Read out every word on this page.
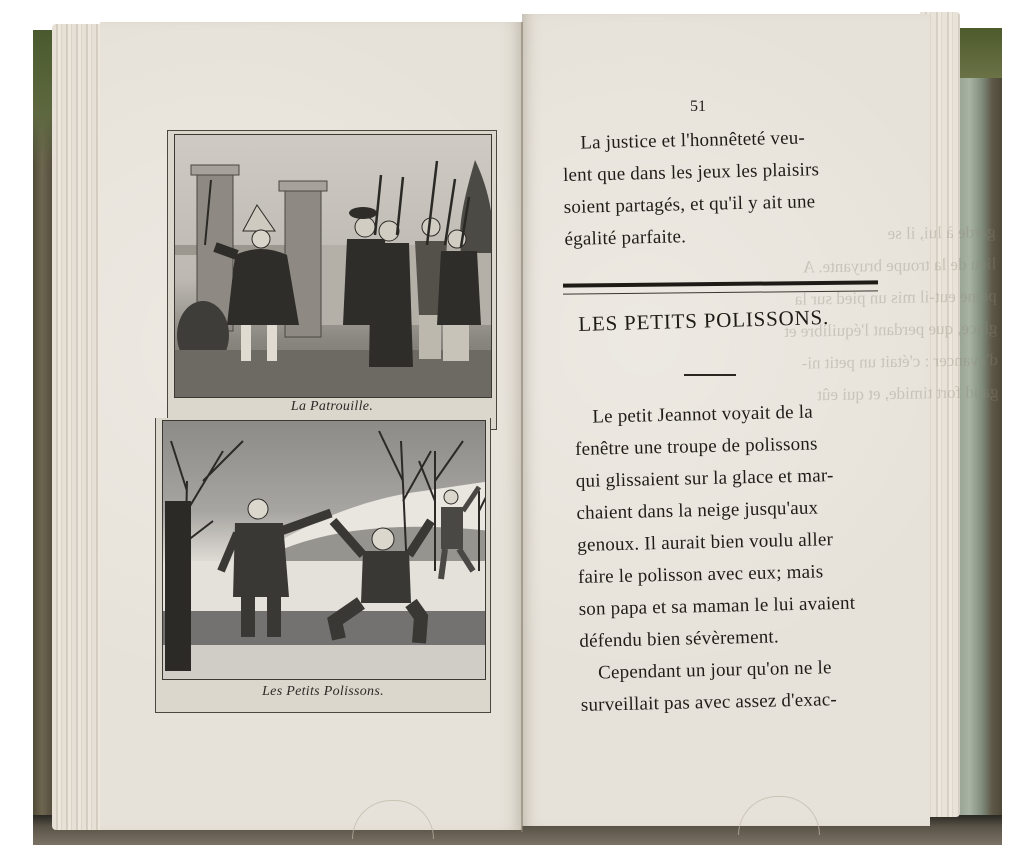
La Patrouille.
Les Petits Polissons.
garde à lui, il se
lieu de la troupe bruyante. A
peine eut-il mis un pied sur la
glace, que perdant l'équilibre et
d'avancer : c'était un petit ni-
gaud fort timide, et qui eût
51
La justice et l'honnêteté veu-
lent que dans les jeux les plaisirs
soient partagés, et qu'il y ait une
égalité parfaite.
LES PETITS POLISSONS.
Le petit Jeannot voyait de la
fenêtre une troupe de polissons
qui glissaient sur la glace et mar-
chaient dans la neige jusqu'aux
genoux. Il aurait bien voulu aller
faire le polisson avec eux; mais
son papa et sa maman le lui avaient
défendu bien sévèrement.
Cependant un jour qu'on ne le
surveillait pas avec assez d'exac-
